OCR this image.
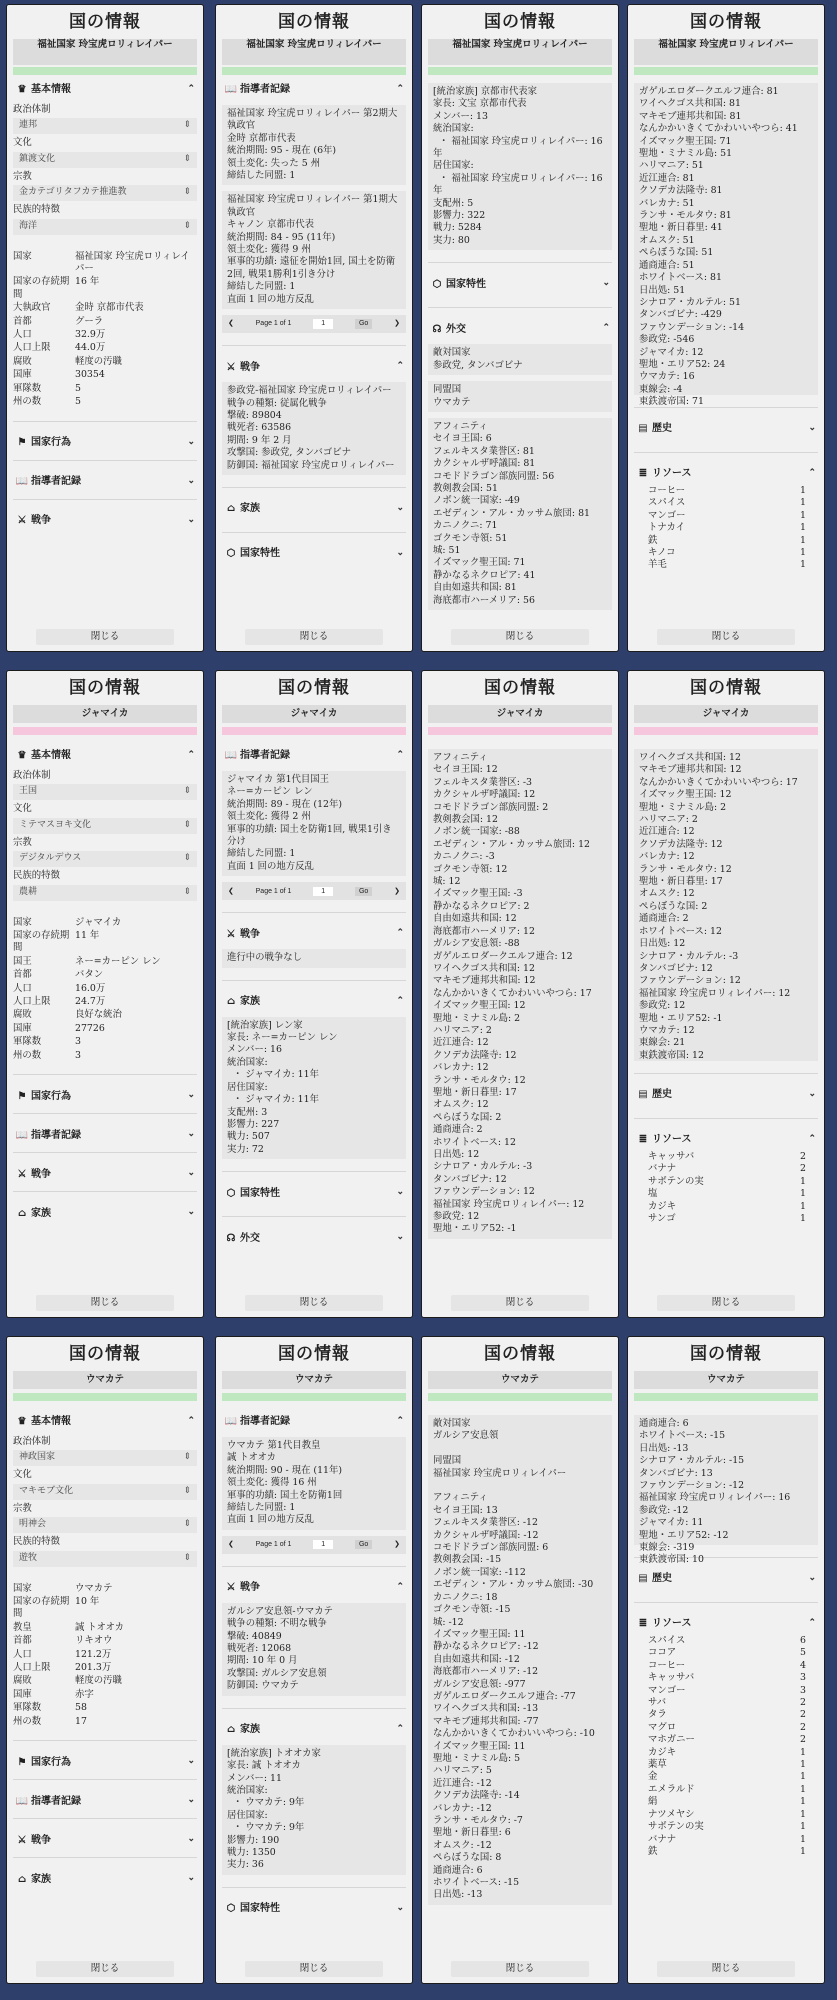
国の情報
福祉国家 玲宝虎ロリィレイパー
♛ 基本情報	⌃
政治体制
連邦	⇕
文化
鎮渡文化	⇕
宗教
金カテゴリタフカテ推進教	⇕
民族的特徴
海洋	⇕
国家	福祉国家 玲宝虎ロリィレイパー
国家の存続期間
16 年
大執政官	金時 京都市代表
首都	グーラ
人口	32.9万
人口上限	44.0万
腐敗	軽度の汚職
国庫	30354
軍隊数	5
州の数	5
⚑ 国家行為	⌄
📖 指導者記録	⌄
⚔ 戦争	⌄
閉じる
国の情報
福祉国家 玲宝虎ロリィレイパー
📖 指導者記録	⌃
福祉国家 玲宝虎ロリィレイパー 第2期大執政官
金時 京都市代表
統治期間: 95 - 現在 (6年)
領土変化: 失った 5 州
締結した同盟: 1
福祉国家 玲宝虎ロリィレイパー 第1期大執政官
キャノン 京都市代表
統治期間: 84 - 95 (11年)
領土変化: 獲得 9 州
軍事的功績: 遠征を開始1回, 国土を防衛2回, 戦果1勝利1引き分け
締結した同盟: 1
直面 1 回の地方反乱
❮	Page 1 of 1	1	Go	❯
⚔ 戦争	⌃
参政党-福祉国家 玲宝虎ロリィレイパー
戦争の種類: 従属化戦争
撃破: 89804
戦死者: 63586
期間: 9 年 2 月
攻撃国: 参政党, タンバゴビナ
防御国: 福祉国家 玲宝虎ロリィレイパー
⌂ 家族	⌄
⬡ 国家特性	⌄
閉じる
国の情報
福祉国家 玲宝虎ロリィレイパー
[統治家族] 京都市代表家
家長: 文宝 京都市代表
メンバー: 13
統治国家:
・ 福祉国家 玲宝虎ロリィレイパー: 16年
居住国家:
・ 福祉国家 玲宝虎ロリィレイパー: 16年
支配州: 5
影響力: 322
戦力: 5284
実力: 80
⬡ 国家特性	⌄
☊ 外交	⌃
敵対国家
参政党, タンバゴビナ
同盟国
ウマカテ
アフィニティ
セイヨ王国: 6
フェルキスタ業誉区: 81
カクシャルザ呼議国: 81
コモドドラゴン部族同盟: 56
教剣教会国: 51
ノボン統一国家: -49
エゼディン・アル・カッサム旅団: 81
カニノクニ: 71
ゴクモン寺領: 51
城: 51
イズマック聖王国: 71
静かなるネクロピア: 41
自由如遠共和国: 81
海底都市ハーメリア: 56
閉じる
国の情報
福祉国家 玲宝虎ロリィレイパー
ガゲルエロダークエルフ連合: 81
ワイヘクゴス共和国: 81
マキモブ連邦共和国: 81
なんかかいきくてかわいいやつら: 41
イズマック聖王国: 71
聖地・ミナミル島: 51
ハリマニア: 51
近江連合: 81
クソデカ法隆寺: 81
バレカナ: 51
ランサ・モルタウ: 81
聖地・新日暮里: 41
オムスク: 51
ぺらぼうな国: 51
通商連合: 51
ホワイトベース: 81
日出処: 51
シナロア・カルテル: 51
タンバゴビナ: -429
ファウンデーション: -14
参政党: -546
ジャマイカ: 12
聖地・エリア52: 24
ウマカテ: 16
東線会: -4
東鉄渡帝国: 71
▤ 歴史	⌄
≣ リソース	⌃
コーヒー	1
スパイス	1
マンゴー	1
トナカイ	1
鉄	1
キノコ	1
羊毛	1
閉じる
国の情報
ジャマイカ
♛ 基本情報	⌃
政治体制
王国	⇕
文化
ミテマスヨキ文化	⇕
宗教
デジタルデウス	⇕
民族的特徴
農耕	⇕
国家	ジャマイカ
国家の存続期間
11 年
国王	ネー=カーピン レン
首都	バタン
人口	16.0万
人口上限	24.7万
腐敗	良好な統治
国庫	27726
軍隊数	3
州の数	3
⚑ 国家行為	⌄
📖 指導者記録	⌄
⚔ 戦争	⌄
⌂ 家族	⌄
閉じる
国の情報
ジャマイカ
📖 指導者記録	⌃
ジャマイカ 第1代目国王
ネー=カーピン レン
統治期間: 89 - 現在 (12年)
領土変化: 獲得 2 州
軍事的功績: 国土を防衛1回, 戦果1引き分け
締結した同盟: 1
直面 1 回の地方反乱
❮	Page 1 of 1	1	Go	❯
⚔ 戦争	⌃
進行中の戦争なし
⌂ 家族	⌃
[統治家族] レン家
家長: ネー=カーピン レン
メンバー: 16
統治国家:
・ ジャマイカ: 11年
居住国家:
・ ジャマイカ: 11年
支配州: 3
影響力: 227
戦力: 507
実力: 72
⬡ 国家特性	⌄
☊ 外交	⌄
閉じる
国の情報
ジャマイカ
アフィニティ
セイヨ王国: 12
フェルキスタ業誉区: -3
カクシャルザ呼議国: 12
コモドドラゴン部族同盟: 2
教剣教会国: 12
ノボン統一国家: -88
エゼディン・アル・カッサム旅団: 12
カニノクニ: -3
ゴクモン寺領: 12
城: 12
イズマック聖王国: -3
静かなるネクロピア: 2
自由如遠共和国: 12
海底都市ハーメリア: 12
ガルシア安息領: -88
ガゲルエロダークエルフ連合: 12
ワイヘクゴス共和国: 12
マキモブ連邦共和国: 12
なんかかいきくてかわいいやつら: 17
イズマック聖王国: 12
聖地・ミナミル島: 2
ハリマニア: 2
近江連合: 12
クソデカ法隆寺: 12
バレカナ: 12
ランサ・モルタウ: 12
聖地・新日暮里: 17
オムスク: 12
ぺらぼうな国: 2
通商連合: 2
ホワイトベース: 12
日出処: 12
シナロア・カルテル: -3
タンバゴビナ: 12
ファウンデーション: 12
福祉国家 玲宝虎ロリィレイパー: 12
参政党: 12
聖地・エリア52: -1
閉じる
国の情報
ジャマイカ
ワイヘクゴス共和国: 12
マキモブ連邦共和国: 12
なんかかいきくてかわいいやつら: 17
イズマック聖王国: 12
聖地・ミナミル島: 2
ハリマニア: 2
近江連合: 12
クソデカ法隆寺: 12
バレカナ: 12
ランサ・モルタウ: 12
聖地・新日暮里: 17
オムスク: 12
ぺらぼうな国: 2
通商連合: 2
ホワイトベース: 12
日出処: 12
シナロア・カルテル: -3
タンバゴビナ: 12
ファウンデーション: 12
福祉国家 玲宝虎ロリィレイパー: 12
参政党: 12
聖地・エリア52: -1
ウマカテ: 12
東線会: 21
東鉄渡帝国: 12
▤ 歴史	⌄
≣ リソース	⌃
キャッサバ	2
バナナ	2
サボテンの実	1
塩	1
カジキ	1
サンゴ	1
閉じる
国の情報
ウマカテ
♛ 基本情報	⌃
政治体制
神政国家	⇕
文化
マキモブ文化	⇕
宗教
明神会	⇕
民族的特徴
遊牧	⇕
国家	ウマカテ
国家の存続期間
10 年
教皇	誠 トオオカ
首都	リキオウ
人口	121.2万
人口上限	201.3万
腐敗	軽度の汚職
国庫	赤字
軍隊数	58
州の数	17
⚑ 国家行為	⌄
📖 指導者記録	⌄
⚔ 戦争	⌄
⌂ 家族	⌄
閉じる
国の情報
ウマカテ
📖 指導者記録	⌃
ウマカテ 第1代目教皇
誠 トオオカ
統治期間: 90 - 現在 (11年)
領土変化: 獲得 16 州
軍事的功績: 国土を防衛1回
締結した同盟: 1
直面 1 回の地方反乱
❮	Page 1 of 1	1	Go	❯
⚔ 戦争	⌃
ガルシア安息領-ウマカテ
戦争の種類: 不明な戦争
撃破: 40849
戦死者: 12068
期間: 10 年 0 月
攻撃国: ガルシア安息領
防御国: ウマカテ
⌂ 家族	⌃
[統治家族] トオオカ家
家長: 誠 トオオカ
メンバー: 11
統治国家:
・ ウマカテ: 9年
居住国家:
・ ウマカテ: 9年
影響力: 190
戦力: 1350
実力: 36
⬡ 国家特性	⌄
閉じる
国の情報
ウマカテ
敵対国家
ガルシア安息領

同盟国
福祉国家 玲宝虎ロリィレイパー

アフィニティ
セイヨ王国: 13
フェルキスタ業誉区: -12
カクシャルザ呼議国: -12
コモドドラゴン部族同盟: 6
教剣教会国: -15
ノボン統一国家: -112
エゼディン・アル・カッサム旅団: -30
カニノクニ: 18
ゴクモン寺領: -15
城: -12
イズマック聖王国: 11
静かなるネクロピア: -12
自由如遠共和国: -12
海底都市ハーメリア: -12
ガルシア安息領: -977
ガゲルエロダークエルフ連合: -77
ワイヘクゴス共和国: -13
マキモブ連邦共和国: -77
なんかかいきくてかわいいやつら: -10
イズマック聖王国: 11
聖地・ミナミル島: 5
ハリマニア: 5
近江連合: -12
クソデカ法隆寺: -14
バレカナ: -12
ランサ・モルタウ: -7
聖地・新日暮里: 6
オムスク: -12
ぺらぼうな国: 8
通商連合: 6
ホワイトベース: -15
日出処: -13
閉じる
国の情報
ウマカテ
通商連合: 6
ホワイトベース: -15
日出処: -13
シナロア・カルテル: -15
タンバゴビナ: 13
ファウンデーション: -12
福祉国家 玲宝虎ロリィレイパー: 16
参政党: -12
ジャマイカ: 11
聖地・エリア52: -12
東線会: -319
東鉄渡帝国: 10
▤ 歴史	⌄
≣ リソース	⌃
スパイス	6
ココア	5
コーヒー	4
キャッサバ	3
マンゴー	3
サバ	2
タラ	2
マグロ	2
マホガニー	2
カジキ	1
薬草	1
金	1
エメラルド	1
絹	1
ナツメヤシ	1
サボテンの実	1
バナナ	1
鉄	1
閉じる
